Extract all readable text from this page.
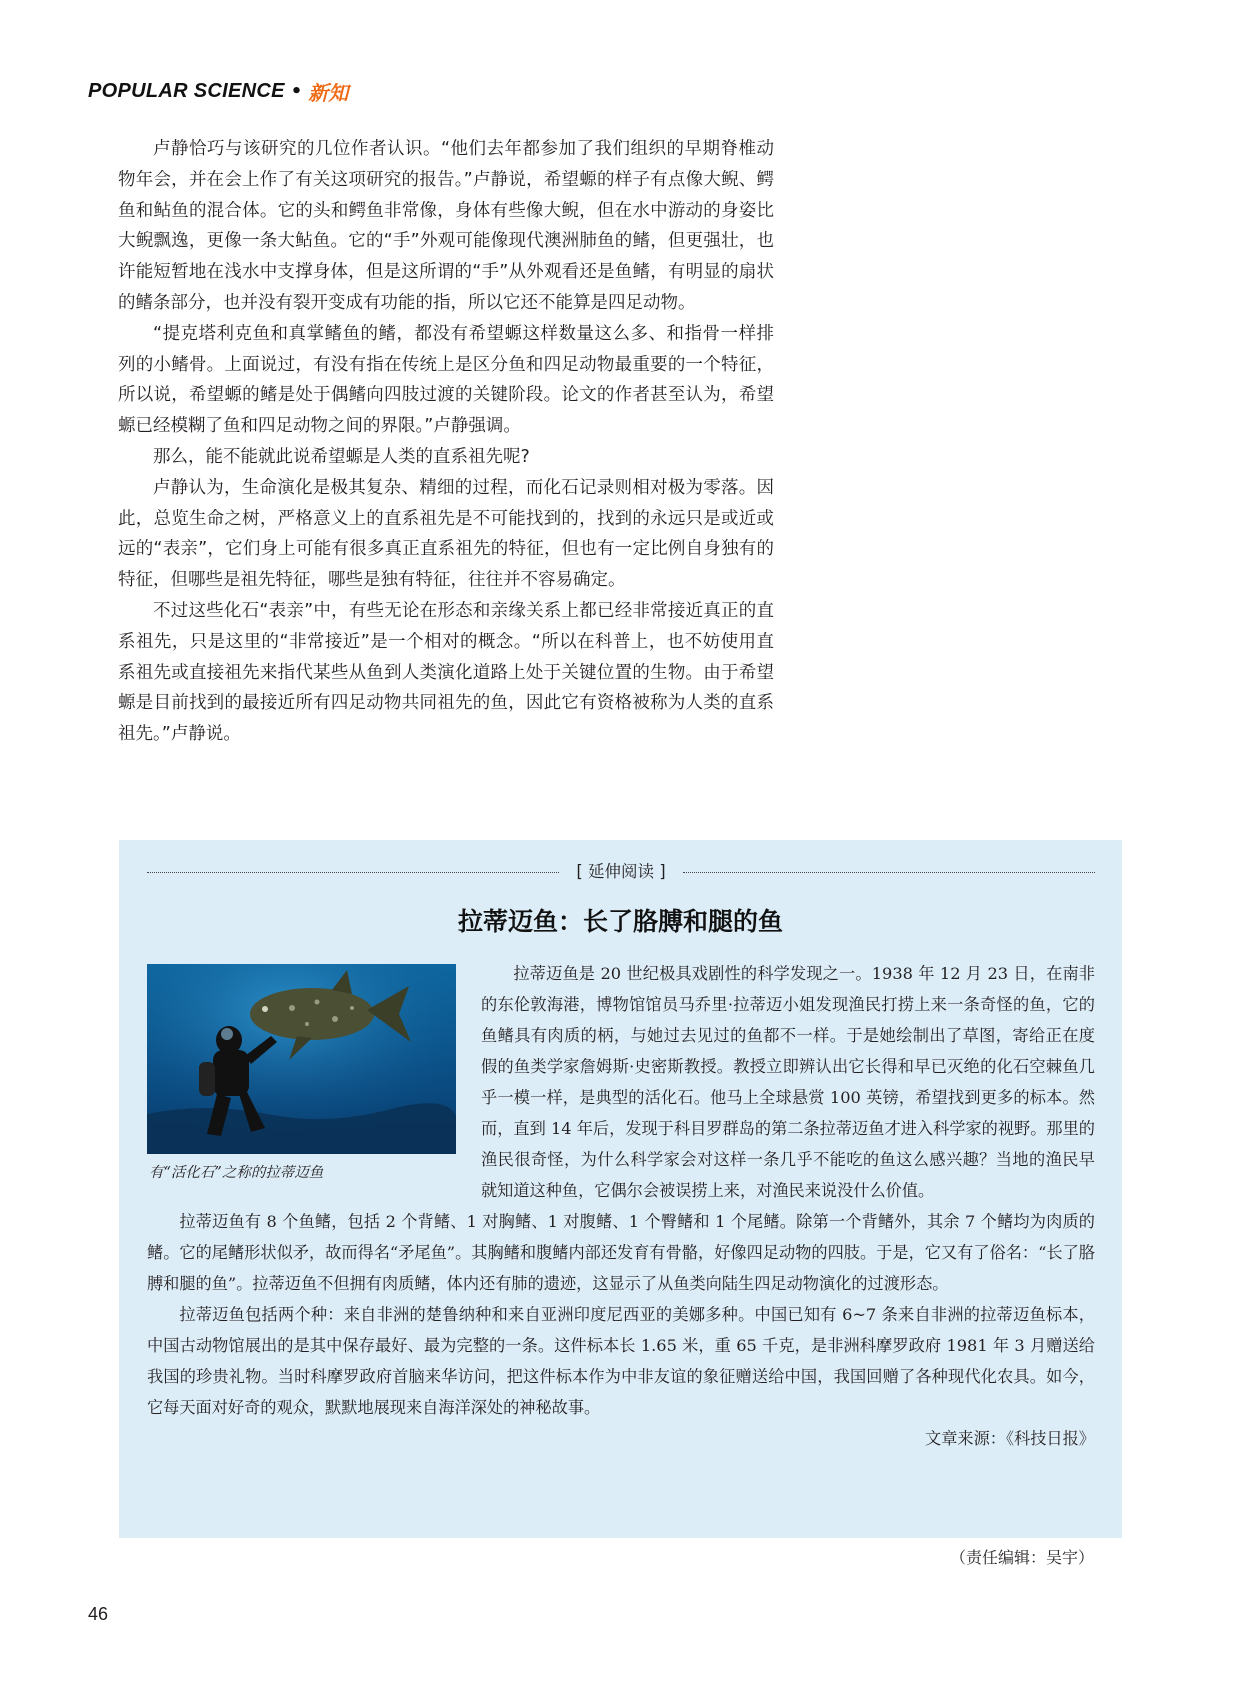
POPULAR SCIENCE • 新知

卢静恰巧与该研究的几位作者认识。“他们去年都参加了我们组织的早期脊椎动物年会，并在会上作了有关这项研究的报告。”卢静说，希望螈的样子有点像大鲵、鳄鱼和鲇鱼的混合体。它的头和鳄鱼非常像，身体有些像大鲵，但在水中游动的身姿比大鲵飘逸，更像一条大鲇鱼。它的“手”外观可能像现代澳洲肺鱼的鳍，但更强壮，也许能短暂地在浅水中支撑身体，但是这所谓的“手”从外观看还是鱼鳍，有明显的扇状的鳍条部分，也并没有裂开变成有功能的指，所以它还不能算是四足动物。

“提克塔利克鱼和真掌鳍鱼的鳍，都没有希望螈这样数量这么多、和指骨一样排列的小鳍骨。上面说过，有没有指在传统上是区分鱼和四足动物最重要的一个特征，所以说，希望螈的鳍是处于偶鳍向四肢过渡的关键阶段。论文的作者甚至认为，希望螈已经模糊了鱼和四足动物之间的界限。”卢静强调。

那么，能不能就此说希望螈是人类的直系祖先呢?

卢静认为，生命演化是极其复杂、精细的过程，而化石记录则相对极为零落。因此，总览生命之树，严格意义上的直系祖先是不可能找到的，找到的永远只是或近或远的“表亲”，它们身上可能有很多真正直系祖先的特征，但也有一定比例自身独有的特征，但哪些是祖先特征，哪些是独有特征，往往并不容易确定。

不过这些化石“表亲”中，有些无论在形态和亲缘关系上都已经非常接近真正的直系祖先，只是这里的“非常接近”是一个相对的概念。“所以在科普上，也不妨使用直系祖先或直接祖先来指代某些从鱼到人类演化道路上处于关键位置的生物。由于希望螈是目前找到的最接近所有四足动物共同祖先的鱼，因此它有资格被称为人类的直系祖先。”卢静说。

[ 延伸阅读 ]
拉蒂迈鱼：长了胳膊和腿的鱼
有“活化石”之称的拉蒂迈鱼

拉蒂迈鱼是 20 世纪极具戏剧性的科学发现之一。1938 年 12 月 23 日，在南非的东伦敦海港，博物馆馆员马乔里·拉蒂迈小姐发现渔民打捞上来一条奇怪的鱼，它的鱼鳍具有肉质的柄，与她过去见过的鱼都不一样。于是她绘制出了草图，寄给正在度假的鱼类学家詹姆斯·史密斯教授。教授立即辨认出它长得和早已灭绝的化石空棘鱼几乎一模一样，是典型的活化石。他马上全球悬赏 100 英镑，希望找到更多的标本。然而，直到 14 年后，发现于科目罗群岛的第二条拉蒂迈鱼才进入科学家的视野。那里的渔民很奇怪，为什么科学家会对这样一条几乎不能吃的鱼这么感兴趣？当地的渔民早就知道这种鱼，它偶尔会被误捞上来，对渔民来说没什么价值。

拉蒂迈鱼有 8 个鱼鳍，包括 2 个背鳍、1 对胸鳍、1 对腹鳍、1 个臀鳍和 1 个尾鳍。除第一个背鳍外，其余 7 个鳍均为肉质的鳍。它的尾鳍形状似矛，故而得名“矛尾鱼”。其胸鳍和腹鳍内部还发育有骨骼，好像四足动物的四肢。于是，它又有了俗名：“长了胳膊和腿的鱼”。拉蒂迈鱼不但拥有肉质鳍，体内还有肺的遗迹，这显示了从鱼类向陆生四足动物演化的过渡形态。

拉蒂迈鱼包括两个种：来自非洲的楚鲁纳种和来自亚洲印度尼西亚的美娜多种。中国已知有 6~7 条来自非洲的拉蒂迈鱼标本，中国古动物馆展出的是其中保存最好、最为完整的一条。这件标本长 1.65 米，重 65 千克，是非洲科摩罗政府 1981 年 3 月赠送给我国的珍贵礼物。当时科摩罗政府首脑来华访问，把这件标本作为中非友谊的象征赠送给中国，我国回赠了各种现代化农具。如今，它每天面对好奇的观众，默默地展现来自海洋深处的神秘故事。

文章来源：《科技日报》

（责任编辑：吴宇）
46
